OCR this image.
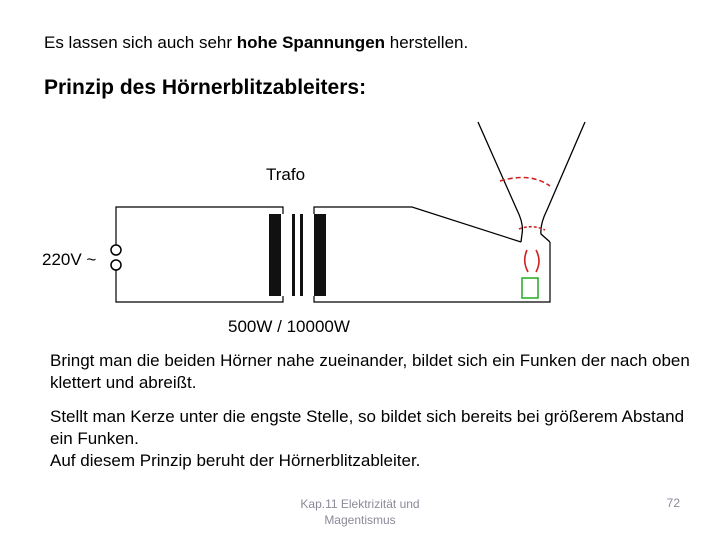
Es lassen sich auch sehr hohe Spannungen herstellen.
Prinzip des Hörnerblitzableiters:
Trafo
220V ~
500W / 10000W
Bringt man die beiden Hörner nahe zueinander, bildet sich ein Funken der nach oben klettert und abreißt.
Stellt man Kerze unter die engste Stelle, so bildet sich bereits bei größerem Abstand ein Funken.
Auf diesem Prinzip beruht der Hörnerblitzableiter.
Kap.11 Elektrizität und Magentismus
72
